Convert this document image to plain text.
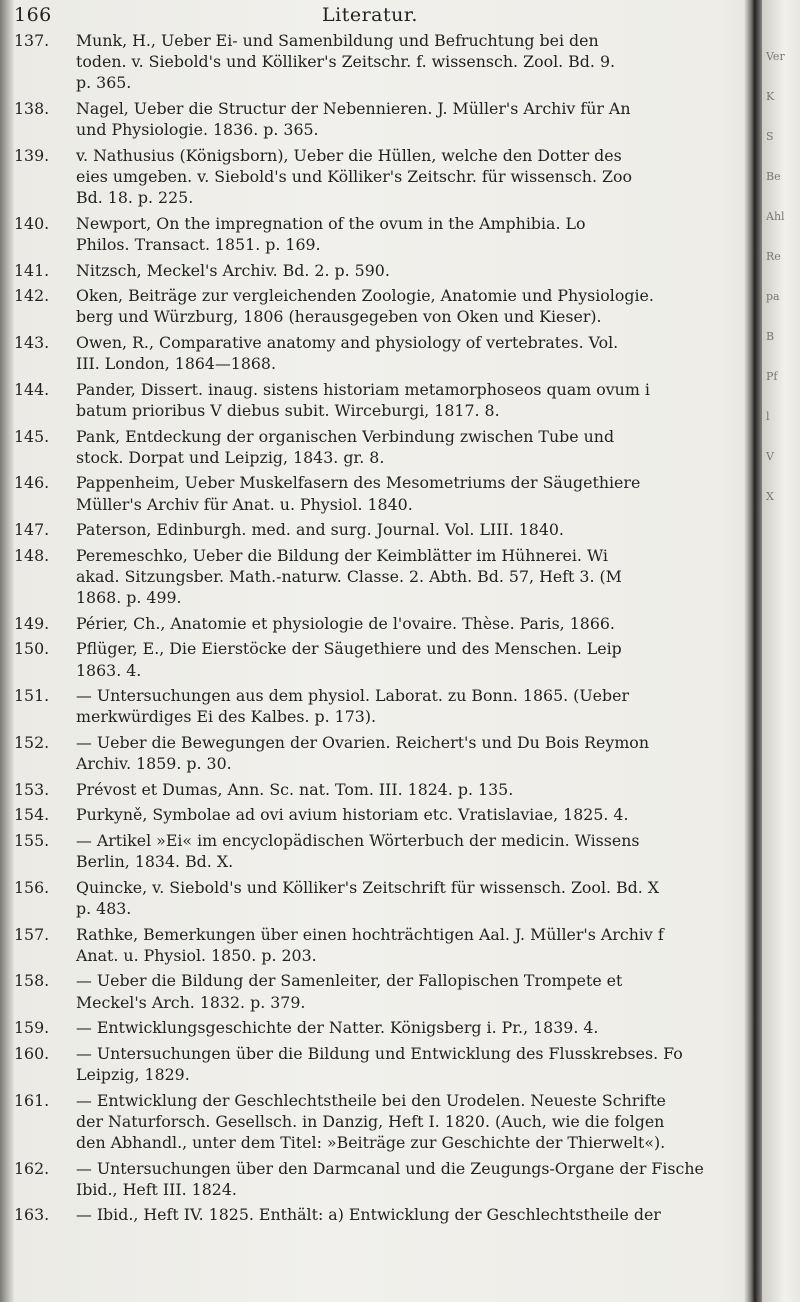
Ver
K
S
Be
Ahl
Re
pa
B
Pf
l
V
X
166	Literatur.
137.	Munk, H., Ueber Ei- und Samenbildung und Befruchtung bei den
toden. v. Siebold's und Kölliker's Zeitschr. f. wissensch. Zool. Bd. 9.
p. 365.
138.	Nagel, Ueber die Structur der Nebennieren. J. Müller's Archiv für An
und Physiologie. 1836. p. 365.
139.	v. Nathusius (Königsborn), Ueber die Hüllen, welche den Dotter des
eies umgeben. v. Siebold's und Kölliker's Zeitschr. für wissensch. Zoo
Bd. 18. p. 225.
140.	Newport, On the impregnation of the ovum in the Amphibia. Lo
Philos. Transact. 1851. p. 169.
141.	Nitzsch, Meckel's Archiv. Bd. 2. p. 590.
142.	Oken, Beiträge zur vergleichenden Zoologie, Anatomie und Physiologie.
berg und Würzburg, 1806 (herausgegeben von Oken und Kieser).
143.	Owen, R., Comparative anatomy and physiology of vertebrates. Vol.
III. London, 1864—1868.
144.	Pander, Dissert. inaug. sistens historiam metamorphoseos quam ovum i
batum prioribus V diebus subit. Wirceburgi, 1817. 8.
145.	Pank, Entdeckung der organischen Verbindung zwischen Tube und
stock. Dorpat und Leipzig, 1843. gr. 8.
146.	Pappenheim, Ueber Muskelfasern des Mesometriums der Säugethiere
Müller's Archiv für Anat. u. Physiol. 1840.
147.	Paterson, Edinburgh. med. and surg. Journal. Vol. LIII. 1840.
148.	Peremeschko, Ueber die Bildung der Keimblätter im Hühnerei. Wi
akad. Sitzungsber. Math.-naturw. Classe. 2. Abth. Bd. 57, Heft 3. (M
1868. p. 499.
149.	Périer, Ch., Anatomie et physiologie de l'ovaire. Thèse. Paris, 1866.
150.	Pflüger, E., Die Eierstöcke der Säugethiere und des Menschen. Leip
1863. 4.
151.	— Untersuchungen aus dem physiol. Laborat. zu Bonn. 1865. (Ueber
merkwürdiges Ei des Kalbes. p. 173).
152.	— Ueber die Bewegungen der Ovarien. Reichert's und Du Bois Reymon
Archiv. 1859. p. 30.
153.	Prévost et Dumas, Ann. Sc. nat. Tom. III. 1824. p. 135.
154.	Purkyně, Symbolae ad ovi avium historiam etc. Vratislaviae, 1825. 4.
155.	— Artikel »Ei« im encyclopädischen Wörterbuch der medicin. Wissens
Berlin, 1834. Bd. X.
156.	Quincke, v. Siebold's und Kölliker's Zeitschrift für wissensch. Zool. Bd. X
p. 483.
157.	Rathke, Bemerkungen über einen hochträchtigen Aal. J. Müller's Archiv f
Anat. u. Physiol. 1850. p. 203.
158.	— Ueber die Bildung der Samenleiter, der Fallopischen Trompete et
Meckel's Arch. 1832. p. 379.
159.	— Entwicklungsgeschichte der Natter. Königsberg i. Pr., 1839. 4.
160.	— Untersuchungen über die Bildung und Entwicklung des Flusskrebses. Fo
Leipzig, 1829.
161.	— Entwicklung der Geschlechtstheile bei den Urodelen. Neueste Schrifte
der Naturforsch. Gesellsch. in Danzig, Heft I. 1820. (Auch, wie die folgen
den Abhandl., unter dem Titel: »Beiträge zur Geschichte der Thierwelt«).
162.	— Untersuchungen über den Darmcanal und die Zeugungs-Organe der Fische
Ibid., Heft III. 1824.
163.	— Ibid., Heft IV. 1825. Enthält: a) Entwicklung der Geschlechtstheile der
